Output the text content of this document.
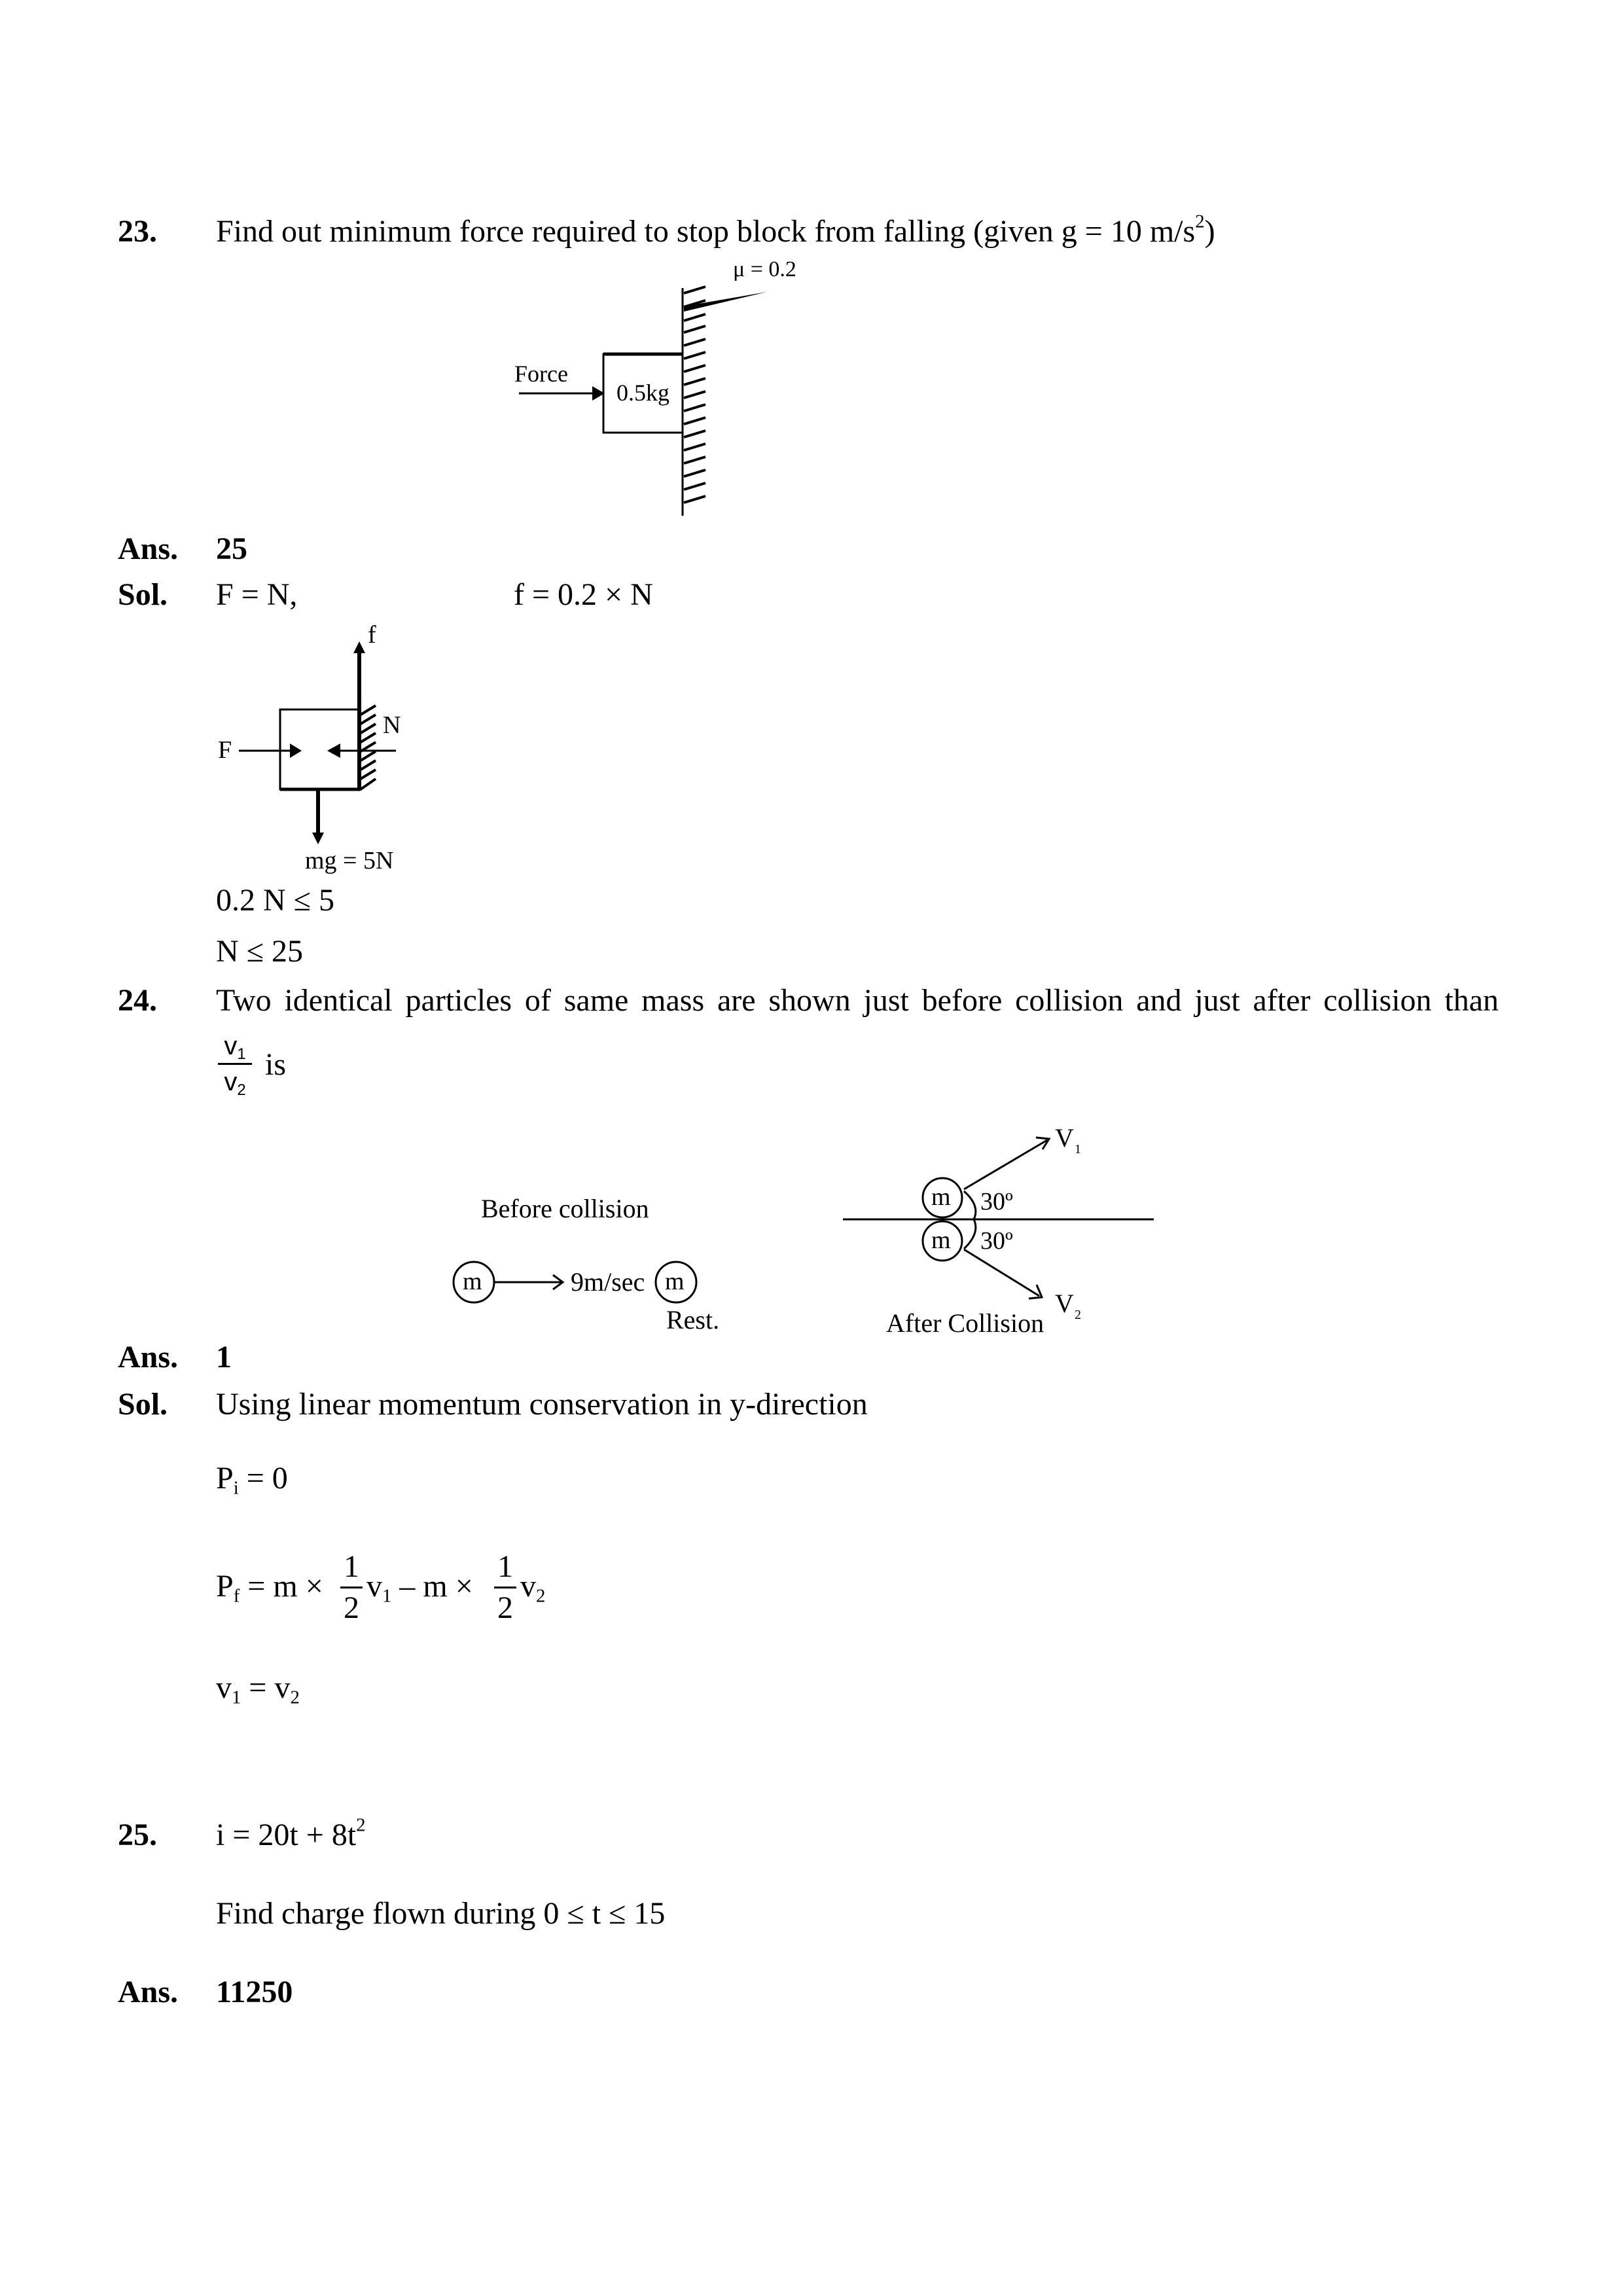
23. Find out minimum force required to stop block from falling (given g = 10 $m/s^2$)
μ = 0.2
0.5kg
Force
Ans. 25
Sol. F = N,	f = 0.2 × N
f
F
N
mg = 5N
0.2 N ≤ 5
N ≤ 25
24. Two identical particles of same mass are shown just before collision and just after collision than
$v_1$
$v_2$
is
Before collision
m	9m/sec m
Rest.
m
m
30º
30º
V 1
V 2
After Collision
Ans. 1
Sol. Using linear momentum conservation in y-direction
$P_i = 0$
$P_f = m$ ×
1
2
$v_1$ – m ×
1
2
$v_2$
$v_1 = v_2$
25. $i = 20t + 8t^2$
Find charge flown during 0 ≤ t ≤ 15
Ans. 11250
